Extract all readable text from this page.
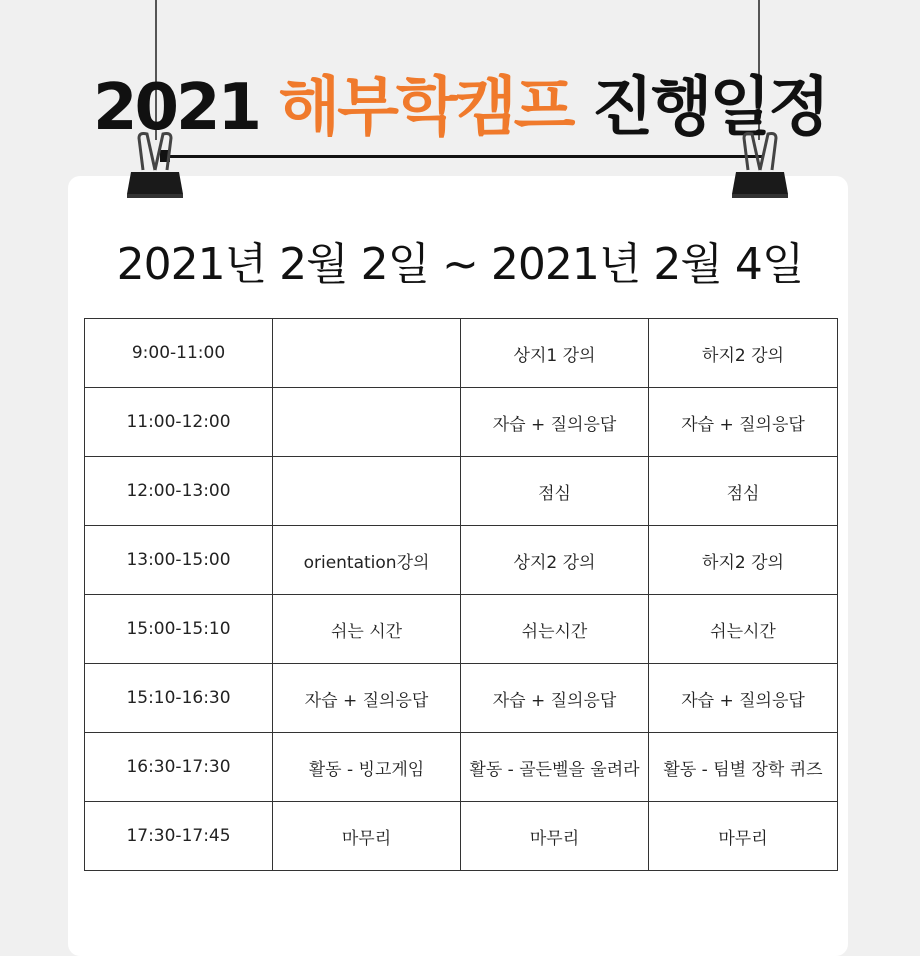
2021 해부학캠프 진행일정
2021년 2월 2일 ~ 2021년 2월 4일
9:00-11:00		상지1 강의	하지2 강의
11:00-12:00		자습 + 질의응답	자습 + 질의응답
12:00-13:00		점심	점심
13:00-15:00	orientation강의	상지2 강의	하지2 강의
15:00-15:10	쉬는 시간	쉬는시간	쉬는시간
15:10-16:30	자습 + 질의응답	자습 + 질의응답	자습 + 질의응답
16:30-17:30	활동 - 빙고게임	활동 - 골든벨을 울려라	활동 - 팀별 장학 퀴즈
17:30-17:45	마무리	마무리	마무리
